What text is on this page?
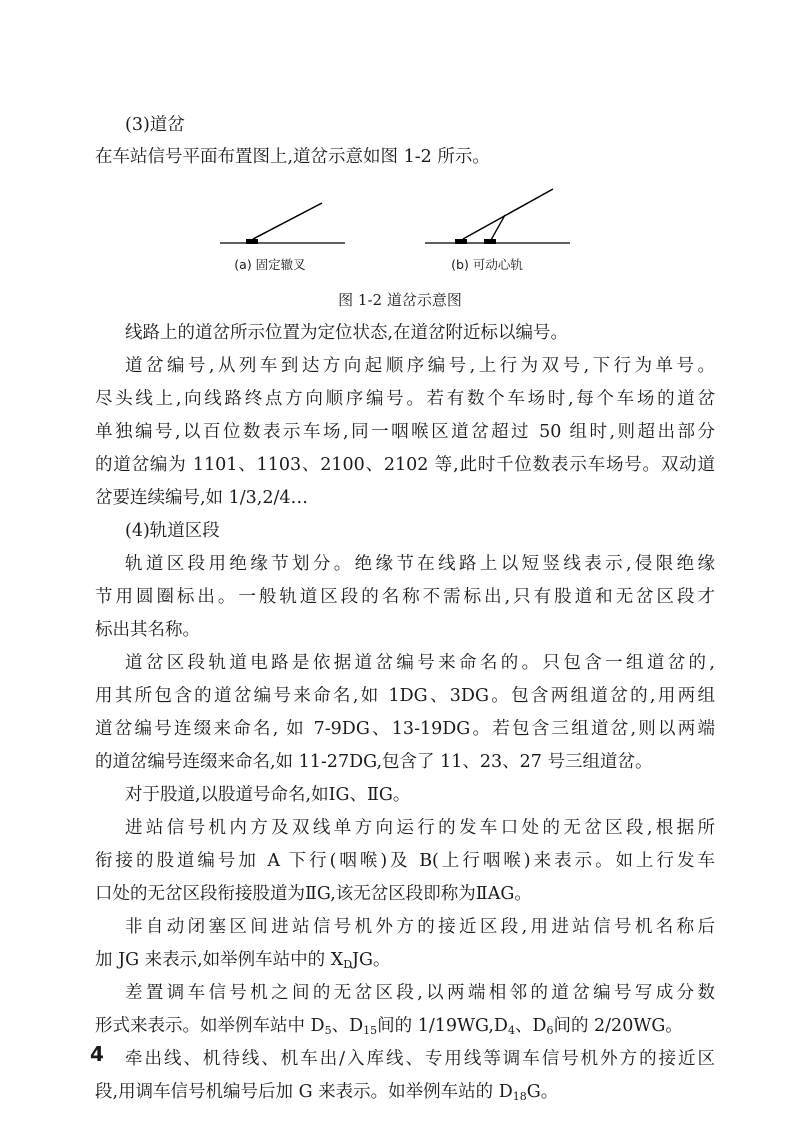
(3)道岔
在车站信号平面布置图上,道岔示意如图 1-2 所示。
(a) 固定辙叉	(b) 可动心轨
图 1-2 道岔示意图
线路上的道岔所示位置为定位状态,在道岔附近标以编号。
道岔编号,从列车到达方向起顺序编号,上行为双号,下行为单号。
尽头线上,向线路终点方向顺序编号。若有数个车场时,每个车场的道岔
单独编号,以百位数表示车场,同一咽喉区道岔超过 50 组时,则超出部分
的道岔编为 1101、1103、2100、2102 等,此时千位数表示车场号。双动道
岔要连续编号,如 1/3,2/4…
(4)轨道区段
轨道区段用绝缘节划分。绝缘节在线路上以短竖线表示,侵限绝缘
节用圆圈标出。一般轨道区段的名称不需标出,只有股道和无岔区段才
标出其名称。
道岔区段轨道电路是依据道岔编号来命名的。只包含一组道岔的,
用其所包含的道岔编号来命名,如 1DG、3DG。包含两组道岔的,用两组
道岔编号连缀来命名, 如 7-9DG、13-19DG。若包含三组道岔,则以两端
的道岔编号连缀来命名,如 11-27DG,包含了 11、23、27 号三组道岔。
对于股道,以股道号命名,如ⅠG、ⅡG。
进站信号机内方及双线单方向运行的发车口处的无岔区段,根据所
衔接的股道编号加 A 下行(咽喉)及 B(上行咽喉)来表示。如上行发车
口处的无岔区段衔接股道为ⅡG,该无岔区段即称为ⅡAG。
非自动闭塞区间进站信号机外方的接近区段,用进站信号机名称后
加 JG 来表示,如举例车站中的 $X_DJG$。
差置调车信号机之间的无岔区段,以两端相邻的道岔编号写成分数
形式来表示。如举例车站中 $D_5$、$D_{15}$间的 $1/19WG,D_4$、$D_6$间的 2/20WG。
牵出线、机待线、机车出/入库线、专用线等调车信号机外方的接近区
段,用调车信号机编号后加 G 来表示。如举例车站的 $D_{18}G$。
4
